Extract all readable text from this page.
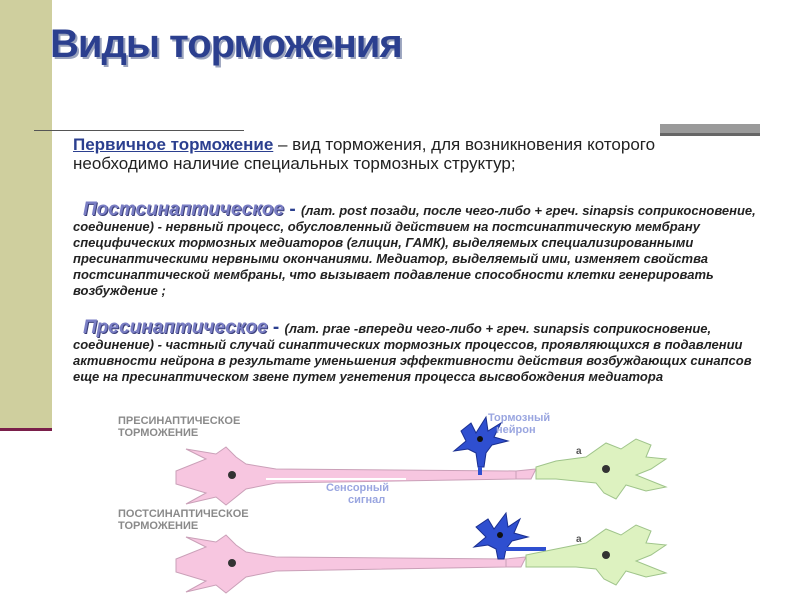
Виды торможения
Первичное торможение – вид торможения, для возникновения которого необходимо наличие специальных тормозных структур;
Постсинаптическое - (лат. post позади, после чего-либо + греч. sinapsis соприкосновение, соединение) - нервный процесс, обусловленный действием на постсинаптическую мембрану специфических тормозных медиаторов (глицин, ГАМК), выделяемых специализированными пресинаптическими нервными окончаниями. Медиатор, выделяемый ими, изменяет свойства постсинаптической мембраны, что вызывает подавление способности клетки генерировать возбуждение ;
Пресинаптическое - (лат. prae -впереди чего-либо + греч. sunapsis соприкосновение, соединение) - частный случай синаптических тормозных процессов, проявляющихся в подавлении активности нейрона в результате уменьшения эффективности действия возбуждающих синапсов еще на пресинаптическом звене путем угнетения процесса высвобождения медиатора
ПРЕСИНАПТИЧЕСКОЕ
ТОРМОЖЕНИЕ
Тормозный
нейрон
a
Сенсорный
сигнал
ПОСТСИНАПТИЧЕСКОЕ
ТОРМОЖЕНИЕ
a
